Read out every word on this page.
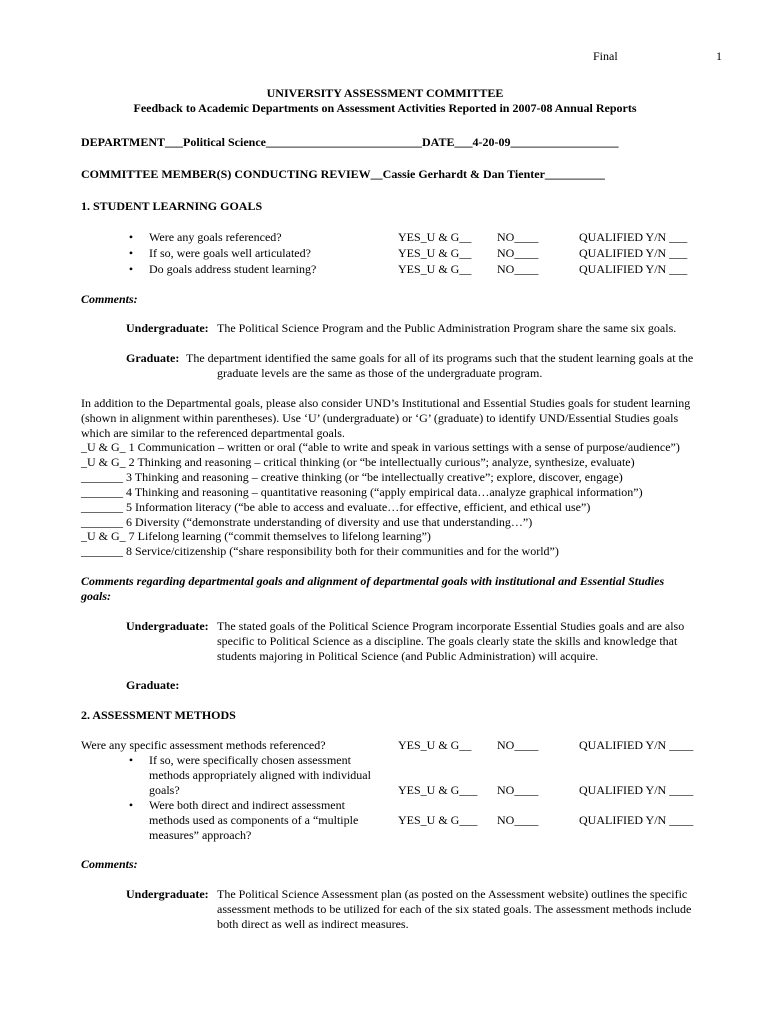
Final	1
UNIVERSITY ASSESSMENT COMMITTEE
Feedback to Academic Departments on Assessment Activities Reported in 2007-08 Annual Reports
DEPARTMENT___Political Science__________________________DATE___4-20-09__________________
COMMITTEE MEMBER(S) CONDUCTING REVIEW__Cassie Gerhardt & Dan Tienter__________
1. STUDENT LEARNING GOALS
• Were any goals referenced?	YES_U & G__ NO____	QUALIFIED Y/N ___
• If so, were goals well articulated?	YES_U & G__ NO____	QUALIFIED Y/N ___
• Do goals address student learning?	YES_U & G__ NO____	QUALIFIED Y/N ___
Comments:
Undergraduate: The Political Science Program and the Public Administration Program share the same six goals.
Graduate: The department identified the same goals for all of its programs such that the student learning goals at the
graduate levels are the same as those of the undergraduate program.
In addition to the Departmental goals, please also consider UND’s Institutional and Essential Studies goals for student learning
(shown in alignment within parentheses). Use ‘U’ (undergraduate) or ‘G’ (graduate) to identify UND/Essential Studies goals
which are similar to the referenced departmental goals.
_U & G_ 1 Communication – written or oral (“able to write and speak in various settings with a sense of purpose/audience”)
_U & G_ 2 Thinking and reasoning – critical thinking (or “be intellectually curious”; analyze, synthesize, evaluate)
_______ 3 Thinking and reasoning – creative thinking (or “be intellectually creative”; explore, discover, engage)
_______ 4 Thinking and reasoning – quantitative reasoning (“apply empirical data…analyze graphical information”)
_______ 5 Information literacy (“be able to access and evaluate…for effective, efficient, and ethical use”)
_______ 6 Diversity (“demonstrate understanding of diversity and use that understanding…”)
_U & G_ 7 Lifelong learning (“commit themselves to lifelong learning”)
_______ 8 Service/citizenship (“share responsibility both for their communities and for the world”)
Comments regarding departmental goals and alignment of departmental goals with institutional and Essential Studies
goals:
Undergraduate: The stated goals of the Political Science Program incorporate Essential Studies goals and are also
specific to Political Science as a discipline. The goals clearly state the skills and knowledge that
students majoring in Political Science (and Public Administration) will acquire.
Graduate:
2. ASSESSMENT METHODS
Were any specific assessment methods referenced?	YES_U & G__ NO____	QUALIFIED Y/N ____
• If so, were specifically chosen assessment
methods appropriately aligned with individual
goals?	YES_U & G___ NO____	QUALIFIED Y/N ____
• Were both direct and indirect assessment
methods used as components of a “multiple
measures” approach?
YES_U & G___ NO____	QUALIFIED Y/N ____
Comments:
Undergraduate: The Political Science Assessment plan (as posted on the Assessment website) outlines the specific
assessment methods to be utilized for each of the six stated goals. The assessment methods include
both direct as well as indirect measures.
